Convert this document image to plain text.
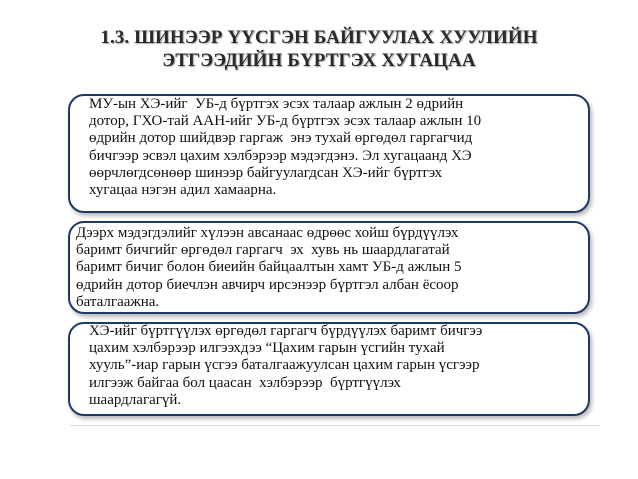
1.3. ШИНЭЭР ҮҮСГЭН БАЙГУУЛАХ ХУУЛИЙН
ЭТГЭЭДИЙН БҮРТГЭХ ХУГАЦАА
МУ-ын ХЭ-ийг  УБ-д бүртгэх эсэх талаар ажлын 2 өдрийн
дотор, ГХО-тай ААН-ийг УБ-д бүртгэх эсэх талаар ажлын 10
өдрийн дотор шийдвэр гаргаж  энэ тухай өргөдөл гаргагчид
бичгээр эсвэл цахим хэлбэрээр мэдэгдэнэ. Эл хугацаанд ХЭ
өөрчлөгдсөнөөр шинээр байгуулагдсан ХЭ-ийг бүртгэх
хугацаа нэгэн адил хамаарна.
Дээрх мэдэгдэлийг хүлээн авсанаас өдрөөс хойш бүрдүүлэх
баримт бичгийг өргөдөл гаргагч  эх  хувь нь шаардлагатай
баримт бичиг болон биеийн байцаалтын хамт УБ-д ажлын 5
өдрийн дотор биечлэн авчирч ирсэнээр бүртгэл албан ёсоор
баталгаажна.
ХЭ-ийг бүртгүүлэх өргөдөл гаргагч бүрдүүлэх баримт бичгээ
цахим хэлбэрээр илгээхдээ “Цахим гарын үсгийн тухай
хууль”-иар гарын үсгээ баталгаажуулсан цахим гарын үсгээр
илгээж байгаа бол цаасан  хэлбэрээр  бүртгүүлэх
шаардлагагүй.
